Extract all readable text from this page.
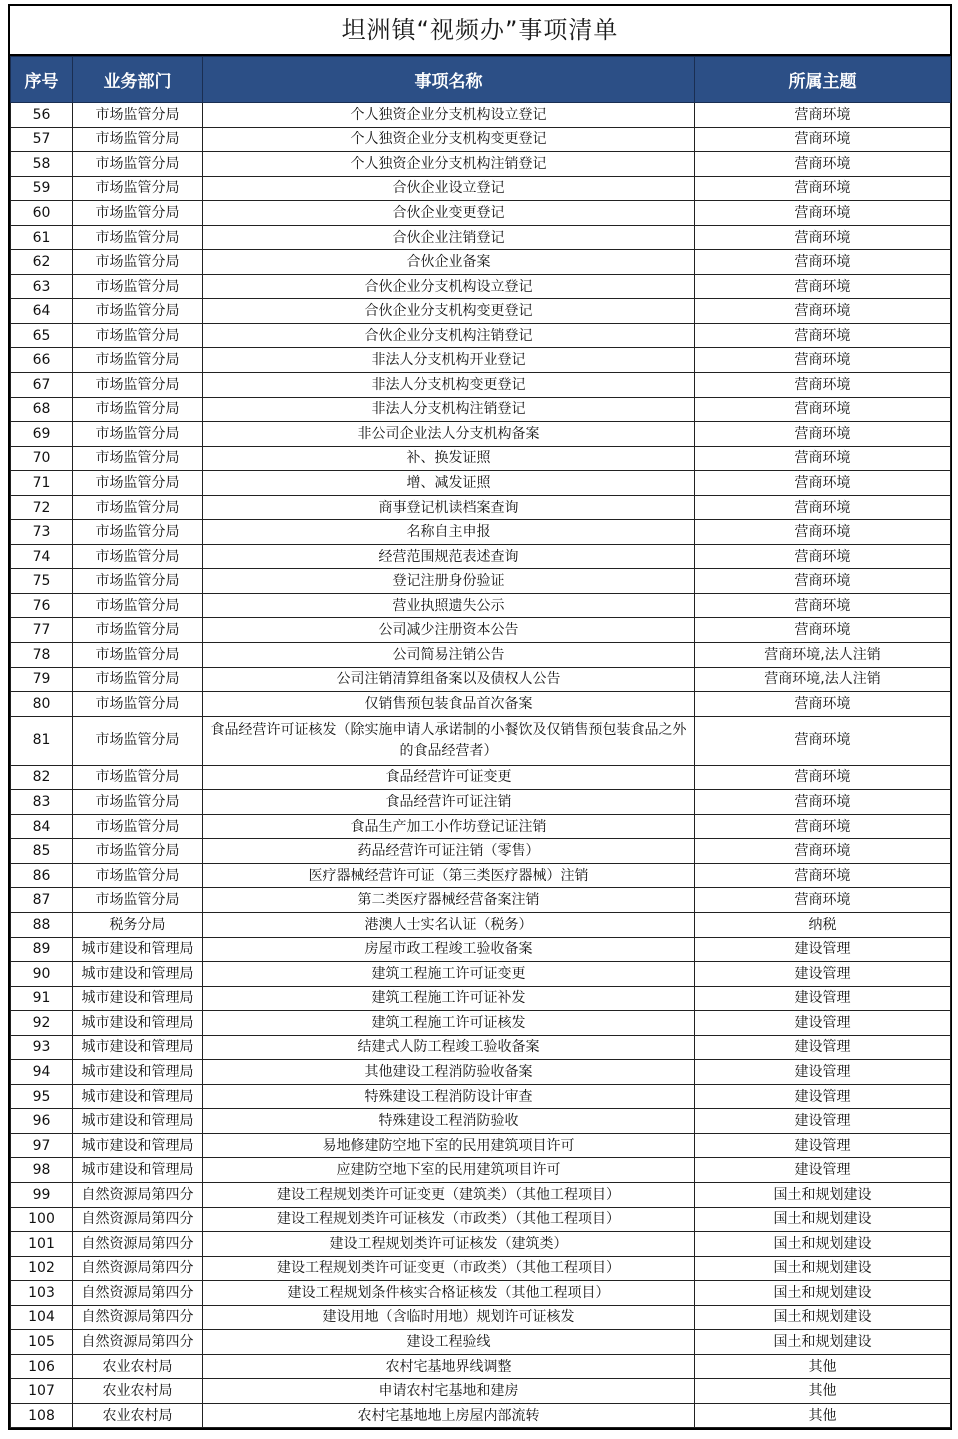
坦洲镇“视频办”事项清单
序号	业务部门	事项名称	所属主题
56	市场监管分局	个人独资企业分支机构设立登记	营商环境
57	市场监管分局	个人独资企业分支机构变更登记	营商环境
58	市场监管分局	个人独资企业分支机构注销登记	营商环境
59	市场监管分局	合伙企业设立登记	营商环境
60	市场监管分局	合伙企业变更登记	营商环境
61	市场监管分局	合伙企业注销登记	营商环境
62	市场监管分局	合伙企业备案	营商环境
63	市场监管分局	合伙企业分支机构设立登记	营商环境
64	市场监管分局	合伙企业分支机构变更登记	营商环境
65	市场监管分局	合伙企业分支机构注销登记	营商环境
66	市场监管分局	非法人分支机构开业登记	营商环境
67	市场监管分局	非法人分支机构变更登记	营商环境
68	市场监管分局	非法人分支机构注销登记	营商环境
69	市场监管分局	非公司企业法人分支机构备案	营商环境
70	市场监管分局	补、换发证照	营商环境
71	市场监管分局	增、减发证照	营商环境
72	市场监管分局	商事登记机读档案查询	营商环境
73	市场监管分局	名称自主申报	营商环境
74	市场监管分局	经营范围规范表述查询	营商环境
75	市场监管分局	登记注册身份验证	营商环境
76	市场监管分局	营业执照遗失公示	营商环境
77	市场监管分局	公司减少注册资本公告	营商环境
78	市场监管分局	公司简易注销公告	营商环境,法人注销
79	市场监管分局	公司注销清算组备案以及债权人公告	营商环境,法人注销
80	市场监管分局	仅销售预包装食品首次备案	营商环境
81	市场监管分局	食品经营许可证核发（除实施申请人承诺制的小餐饮及仅销售预包装食品之外的食品经营者）	营商环境
82	市场监管分局	食品经营许可证变更	营商环境
83	市场监管分局	食品经营许可证注销	营商环境
84	市场监管分局	食品生产加工小作坊登记证注销	营商环境
85	市场监管分局	药品经营许可证注销（零售）	营商环境
86	市场监管分局	医疗器械经营许可证（第三类医疗器械）注销	营商环境
87	市场监管分局	第二类医疗器械经营备案注销	营商环境
88	税务分局	港澳人士实名认证（税务）	纳税
89	城市建设和管理局	房屋市政工程竣工验收备案	建设管理
90	城市建设和管理局	建筑工程施工许可证变更	建设管理
91	城市建设和管理局	建筑工程施工许可证补发	建设管理
92	城市建设和管理局	建筑工程施工许可证核发	建设管理
93	城市建设和管理局	结建式人防工程竣工验收备案	建设管理
94	城市建设和管理局	其他建设工程消防验收备案	建设管理
95	城市建设和管理局	特殊建设工程消防设计审查	建设管理
96	城市建设和管理局	特殊建设工程消防验收	建设管理
97	城市建设和管理局	易地修建防空地下室的民用建筑项目许可	建设管理
98	城市建设和管理局	应建防空地下室的民用建筑项目许可	建设管理
99	自然资源局第四分	建设工程规划类许可证变更（建筑类）（其他工程项目）	国土和规划建设
100	自然资源局第四分	建设工程规划类许可证核发（市政类）（其他工程项目）	国土和规划建设
101	自然资源局第四分	建设工程规划类许可证核发（建筑类）	国土和规划建设
102	自然资源局第四分	建设工程规划类许可证变更（市政类）（其他工程项目）	国土和规划建设
103	自然资源局第四分	建设工程规划条件核实合格证核发（其他工程项目）	国土和规划建设
104	自然资源局第四分	建设用地（含临时用地）规划许可证核发	国土和规划建设
105	自然资源局第四分	建设工程验线	国土和规划建设
106	农业农村局	农村宅基地界线调整	其他
107	农业农村局	申请农村宅基地和建房	其他
108	农业农村局	农村宅基地地上房屋内部流转	其他
